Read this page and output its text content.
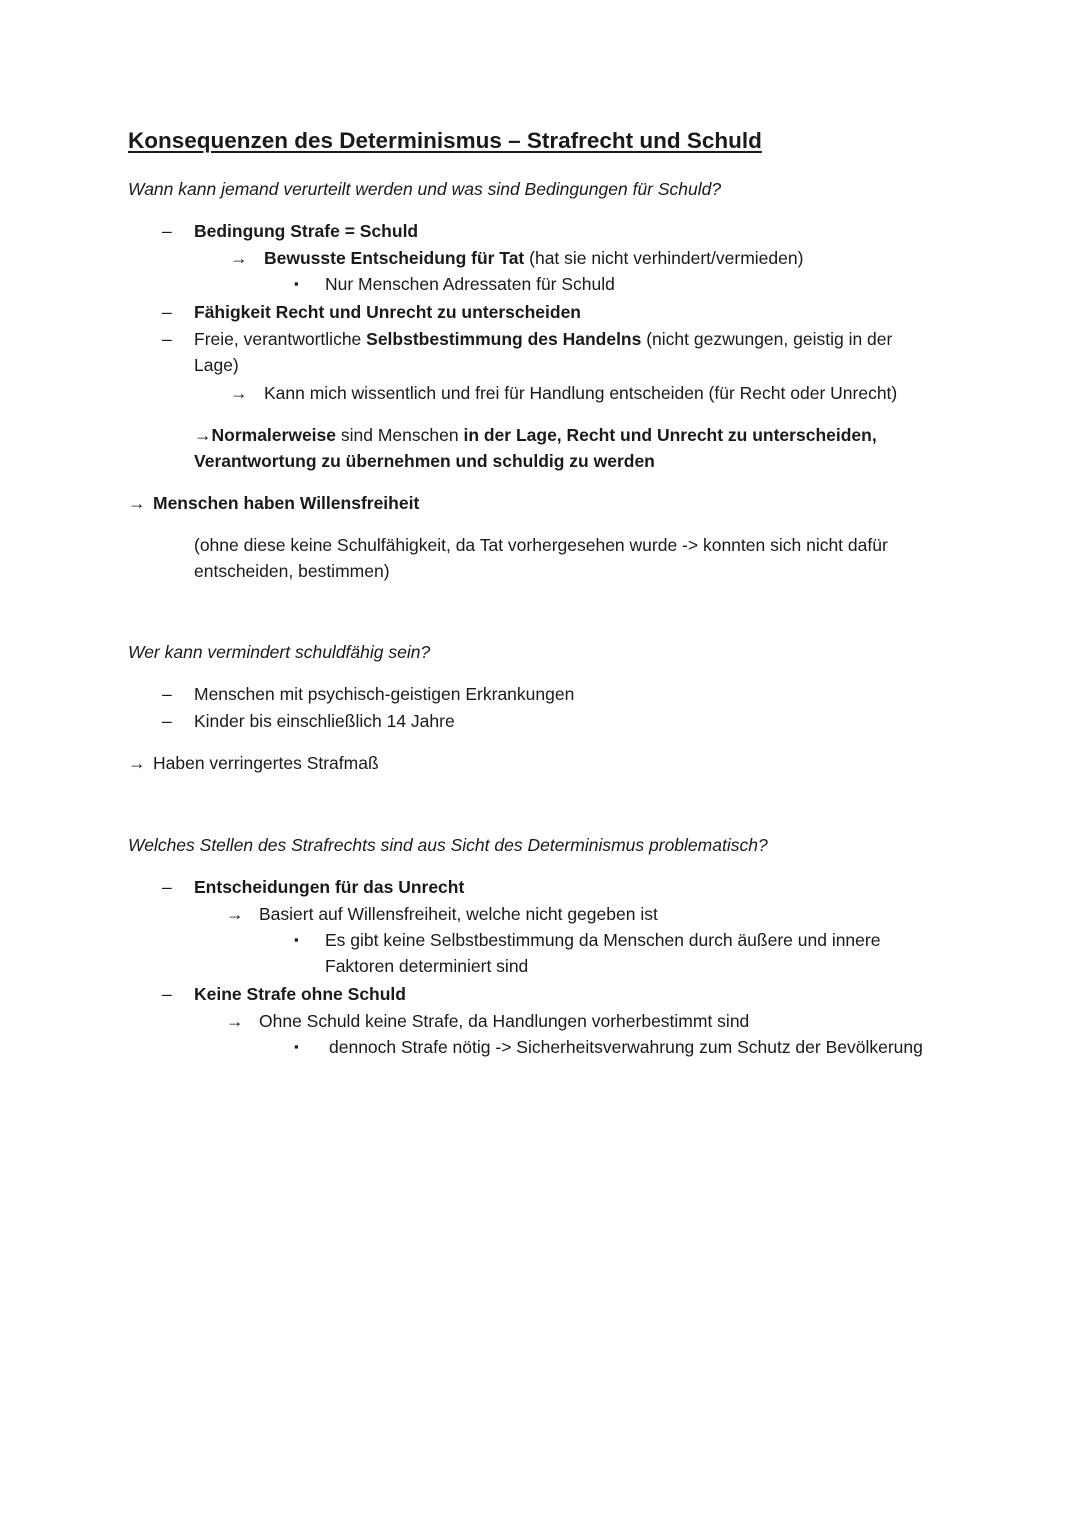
Konsequenzen des Determinismus – Strafrecht und Schuld
Wann kann jemand verurteilt werden und was sind Bedingungen für Schuld?
– Bedingung Strafe = Schuld
→ Bewusste Entscheidung für Tat (hat sie nicht verhindert/vermieden)
▪ Nur Menschen Adressaten für Schuld
– Fähigkeit Recht und Unrecht zu unterscheiden
– Freie, verantwortliche Selbstbestimmung des Handelns (nicht gezwungen, geistig in der
Lage)
→ Kann mich wissentlich und frei für Handlung entscheiden (für Recht oder Unrecht)
→Normalerweise sind Menschen in der Lage, Recht und Unrecht zu unterscheiden,
Verantwortung zu übernehmen und schuldig zu werden
→ Menschen haben Willensfreiheit
(ohne diese keine Schulfähigkeit, da Tat vorhergesehen wurde -> konnten sich nicht dafür
entscheiden, bestimmen)
Wer kann vermindert schuldfähig sein?
– Menschen mit psychisch-geistigen Erkrankungen
– Kinder bis einschließlich 14 Jahre
→ Haben verringertes Strafmaß
Welches Stellen des Strafrechts sind aus Sicht des Determinismus problematisch?
– Entscheidungen für das Unrecht
→ Basiert auf Willensfreiheit, welche nicht gegeben ist
▪ Es gibt keine Selbstbestimmung da Menschen durch äußere und innere
Faktoren determiniert sind
– Keine Strafe ohne Schuld
→ Ohne Schuld keine Strafe, da Handlungen vorherbestimmt sind
▪ dennoch Strafe nötig -> Sicherheitsverwahrung zum Schutz der Bevölkerung
